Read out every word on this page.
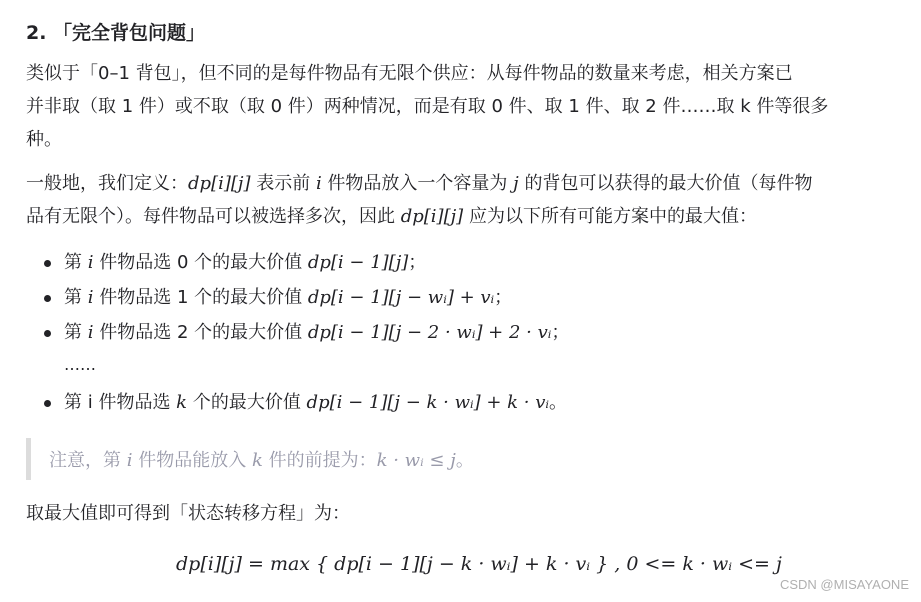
2. 「完全背包问题」
类似于「0–1 背包」，但不同的是每件物品有无限个供应：从每件物品的数量来考虑，相关方案已
并非取（取 1 件）或不取（取 0 件）两种情况，而是有取 0 件、取 1 件、取 2 件……取 k 件等很多
种。
一般地，我们定义：dp[i][j] 表示前 i 件物品放入一个容量为 j 的背包可以获得的最大价值（每件物
品有无限个）。每件物品可以被选择多次，因此 dp[i][j] 应为以下所有可能方案中的最大值：
第 i 件物品选 0 个的最大价值 dp[i − 1][j]；
第 i 件物品选 1 个的最大价值 dp[i − 1][j − wᵢ] + vᵢ；
第 i 件物品选 2 个的最大价值 dp[i − 1][j − 2 · wᵢ] + 2 · vᵢ；
……
第 i 件物品选 k 个的最大价值 dp[i − 1][j − k · wᵢ] + k · vᵢ。
注意，第 i 件物品能放入 k 件的前提为：k · wᵢ ≤ j。
取最大值即可得到「状态转移方程」为：
dp[i][j] = max { dp[i − 1][j − k · wᵢ] + k · vᵢ } , 0 <= k · wᵢ <= j
CSDN @MISAYAONE
